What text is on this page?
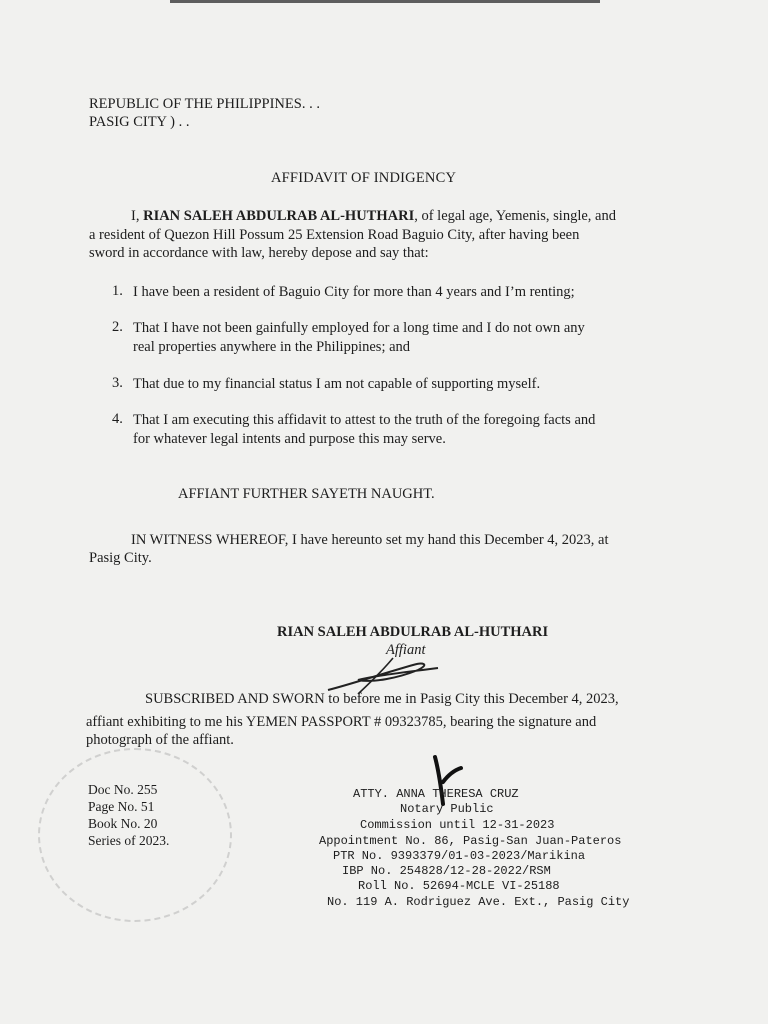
REPUBLIC OF THE PHILIPPINES. . .
PASIG CITY ) . .
AFFIDAVIT OF INDIGENCY
I, RIAN SALEH ABDULRAB AL-HUTHARI, of legal age, Yemenis, single, and
a resident of Quezon Hill Possum 25 Extension Road Baguio City, after having been
sword in accordance with law, hereby depose and say that:
1. I have been a resident of Baguio City for more than 4 years and I’m renting;
2. That I have not been gainfully employed for a long time and I do not own any
real properties anywhere in the Philippines; and
3. That due to my financial status I am not capable of supporting myself.
4. That I am executing this affidavit to attest to the truth of the foregoing facts and
for whatever legal intents and purpose this may serve.
AFFIANT FURTHER SAYETH NAUGHT.
IN WITNESS WHEREOF, I have hereunto set my hand this December 4, 2023, at
Pasig City.
RIAN SALEH ABDULRAB AL-HUTHARI
Affiant
SUBSCRIBED AND SWORN to before me in Pasig City this December 4, 2023,
affiant exhibiting to me his YEMEN PASSPORT # 09323785, bearing the signature and
photograph of the affiant.
Doc No. 255
Page No. 51
Book No. 20
Series of 2023.
ATTY. ANNA THERESA CRUZ
Notary Public
Commission until 12-31-2023
Appointment No. 86, Pasig-San Juan-Pateros
PTR No. 9393379/01-03-2023/Marikina
IBP No. 254828/12-28-2022/RSM
Roll No. 52694-MCLE VI-25188
No. 119 A. Rodriguez Ave. Ext., Pasig City
